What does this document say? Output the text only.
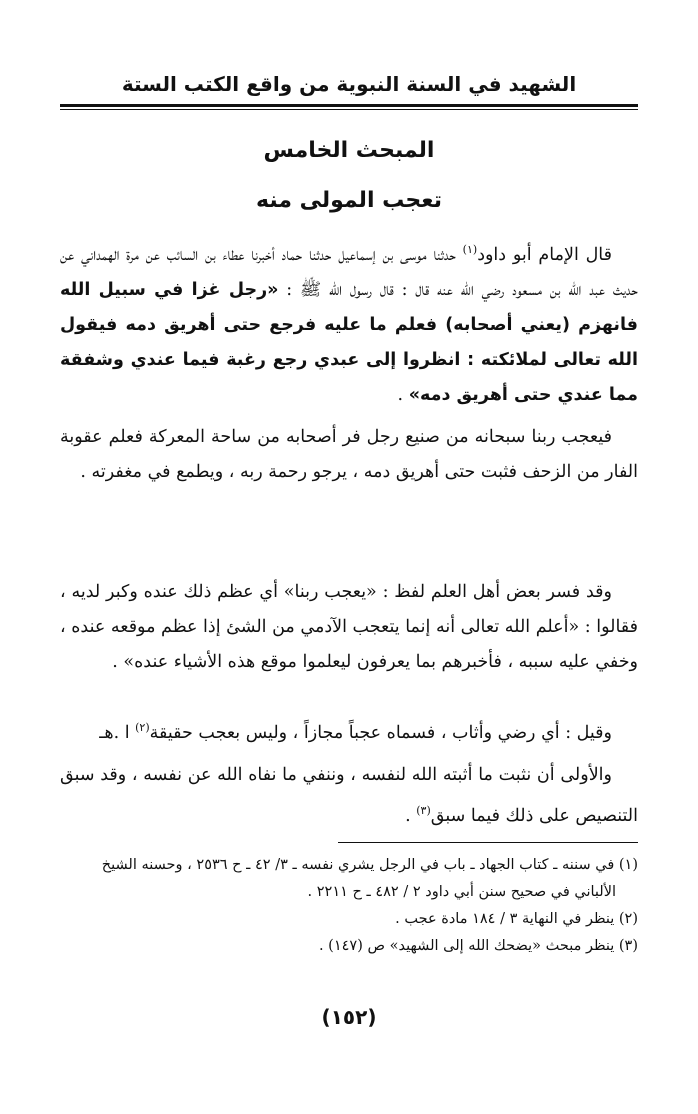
الشهيد في السنة النبوية من واقع الكتب الستة
المبحث الخامس
تعجب المولى منه

قال الإمام أبو داود$^{(١)}$ حدثنا موسى بن إسماعيل حدثنا حماد أخبرنا عطاء بن السائب عن مرة الهمداني عن حديث عبد الله بن مسعود رضي الله عنه قال : قال رسول الله ﷺ : «رجل غزا في سبيل الله فانهزم (يعني أصحابه) فعلم ما عليه فرجع حتى أهريق دمه فيقول الله تعالى لملائكته : انظروا إلى عبدي رجع رغبة فيما عندي وشفقة مما عندي حتى أهريق دمه» .

فيعجب ربنا سبحانه من صنيع رجل فر أصحابه من ساحة المعركة فعلم عقوبة الفار من الزحف فثبت حتى أهريق دمه ، يرجو رحمة ربه ، ويطمع في مغفرته .

وقد فسر بعض أهل العلم لفظ : «يعجب ربنا» أي عظم ذلك عنده وكبر لديه ، فقالوا : «أعلم الله تعالى أنه إنما يتعجب الآدمي من الشئ إذا عظم موقعه عنده ، وخفي عليه سببه ، فأخبرهم بما يعرفون ليعلموا موقع هذه الأشياء عنده» .

وقيل : أي رضي وأثاب ، فسماه عجباً مجازاً ، وليس بعجب حقيقة$^{(٢)}$ ا .هـ

والأولى أن نثبت ما أثبته الله لنفسه ، وننفي ما نفاه الله عن نفسه ، وقد سبق التنصيص على ذلك فيما سبق$^{(٣)}$ .

(١) في سننه ـ كتاب الجهاد ـ باب في الرجل يشري نفسه ـ ٣/ ٤٢ ـ ح ٢٥٣٦ ، وحسنه الشيخ

الألباني في صحيح سنن أبي داود ٢ / ٤٨٢ ـ ح ٢٢١١ .

(٢) ينظر في النهاية ٣ / ١٨٤ مادة عجب .

(٣) ينظر مبحث «يضحك الله إلى الشهيد» ص (١٤٧) .

(١٥٢)
